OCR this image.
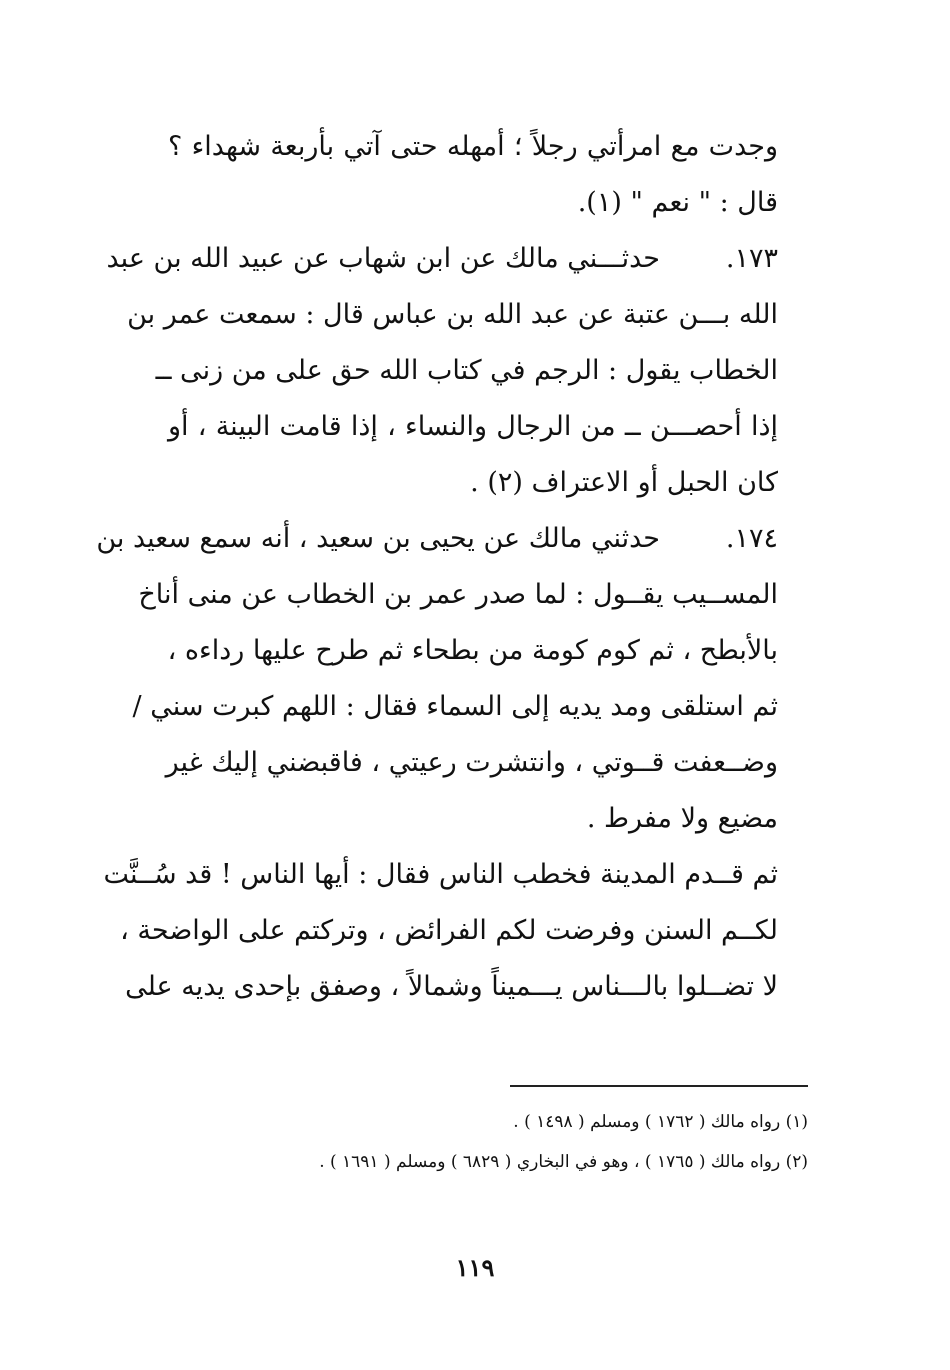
وجدت مع امرأتي رجلاً ؛ أمهله حتى آتي بأربعة شهداء ؟
قال : " نعم " (١).
١٧٣.
حدثـــني مالك عن ابن شهاب عن عبيد الله بن عبد
الله بـــن عتبة عن عبد الله بن عباس قال : سمعت عمر بن
الخطاب يقول : الرجم في كتاب الله حق على من زنى ــ
إذا أحصـــن ــ من الرجال والنساء ، إذا قامت البينة ، أو
كان الحبل أو الاعتراف (٢) .
١٧٤.
حدثني مالك عن يحيى بن سعيد ، أنه سمع سعيد بن
المســيب يقــول : لما صدر عمر بن الخطاب عن منى أناخ
بالأبطح ، ثم كوم كومة من بطحاء ثم طرح عليها رداءه ،
ثم استلقى ومد يديه إلى السماء فقال : اللهم كبرت سني /
وضــعفت قــوتي ، وانتشرت رعيتي ، فاقبضني إليك غير
مضيع ولا مفرط .
ثم قــدم المدينة فخطب الناس فقال : أيها الناس ! قد سُــنَّت
لكــم السنن وفرضت لكم الفرائض ، وتركتم على الواضحة ،
لا تضــلوا بالـــناس يـــميناً وشمالاً ، وصفق بإحدى يديه على
(١) رواه مالك ( ١٧٦٢ ) ومسلم ( ١٤٩٨ ) .
(٢) رواه مالك ( ١٧٦٥ ) ، وهو في البخاري ( ٦٨٢٩ ) ومسلم ( ١٦٩١ ) .
١١٩
